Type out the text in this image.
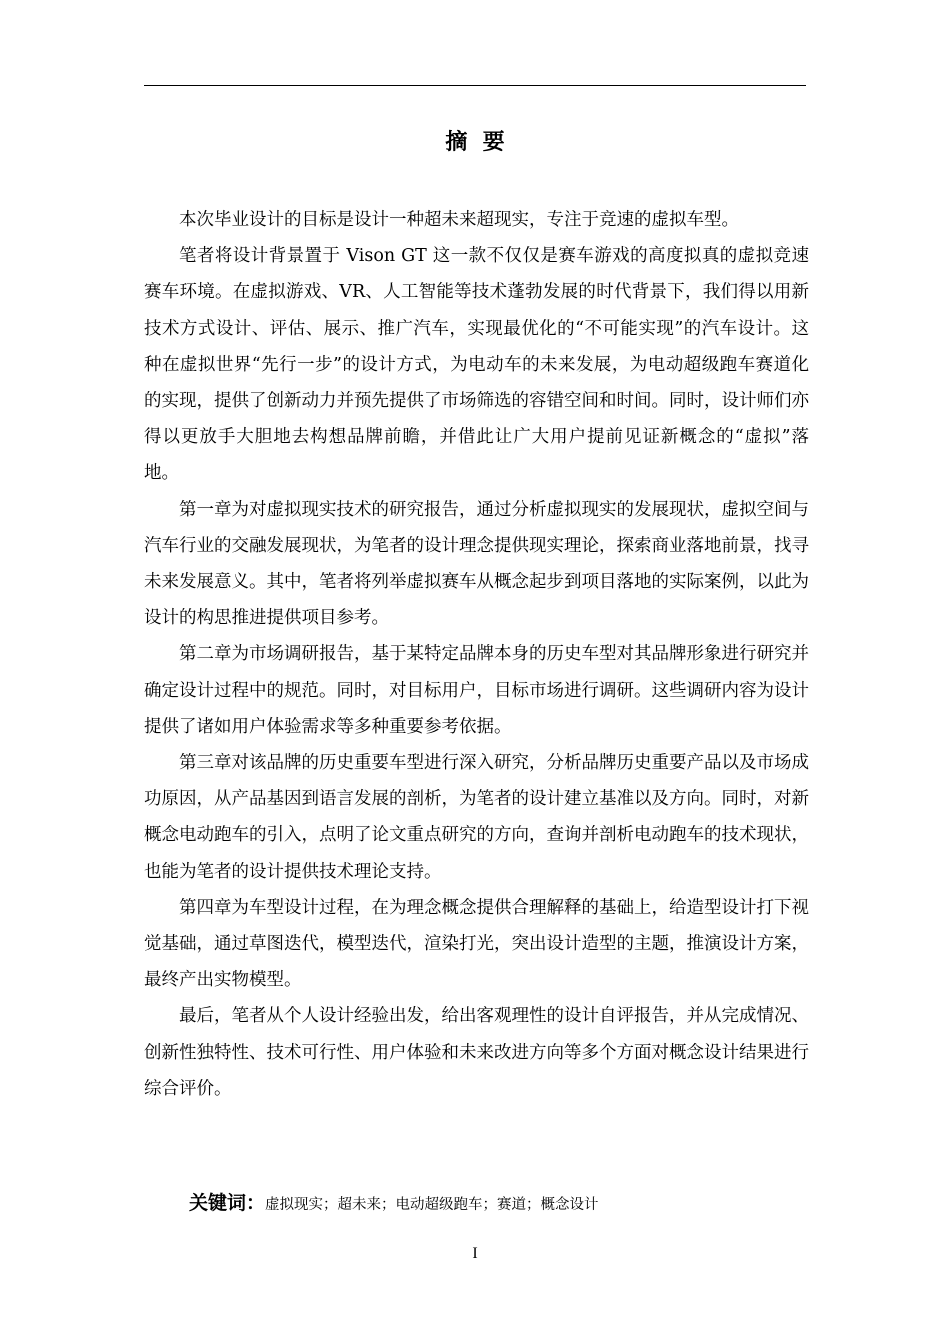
摘  要

本次毕业设计的目标是设计一种超未来超现实，专注于竞速的虚拟车型。

笔者将设计背景置于 Vison GT 这一款不仅仅是赛车游戏的高度拟真的虚拟竞速赛车环境。在虚拟游戏、VR、人工智能等技术蓬勃发展的时代背景下，我们得以用新技术方式设计、评估、展示、推广汽车，实现最优化的“不可能实现”的汽车设计。这种在虚拟世界“先行一步”的设计方式，为电动车的未来发展，为电动超级跑车赛道化的实现，提供了创新动力并预先提供了市场筛选的容错空间和时间。同时，设计师们亦得以更放手大胆地去构想品牌前瞻，并借此让广大用户提前见证新概念的“虚拟”落地。

第一章为对虚拟现实技术的研究报告，通过分析虚拟现实的发展现状，虚拟空间与汽车行业的交融发展现状，为笔者的设计理念提供现实理论，探索商业落地前景，找寻未来发展意义。其中，笔者将列举虚拟赛车从概念起步到项目落地的实际案例，以此为设计的构思推进提供项目参考。

第二章为市场调研报告，基于某特定品牌本身的历史车型对其品牌形象进行研究并确定设计过程中的规范。同时，对目标用户，目标市场进行调研。这些调研内容为设计提供了诸如用户体验需求等多种重要参考依据。

第三章对该品牌的历史重要车型进行深入研究，分析品牌历史重要产品以及市场成功原因，从产品基因到语言发展的剖析，为笔者的设计建立基准以及方向。同时，对新概念电动跑车的引入，点明了论文重点研究的方向，查询并剖析电动跑车的技术现状，也能为笔者的设计提供技术理论支持。

第四章为车型设计过程，在为理念概念提供合理解释的基础上，给造型设计打下视觉基础，通过草图迭代，模型迭代，渲染打光，突出设计造型的主题，推演设计方案，最终产出实物模型。

最后，笔者从个人设计经验出发，给出客观理性的设计自评报告，并从完成情况、创新性独特性、技术可行性、用户体验和未来改进方向等多个方面对概念设计结果进行综合评价。

关键词：虚拟现实；超未来；电动超级跑车；赛道；概念设计
I
